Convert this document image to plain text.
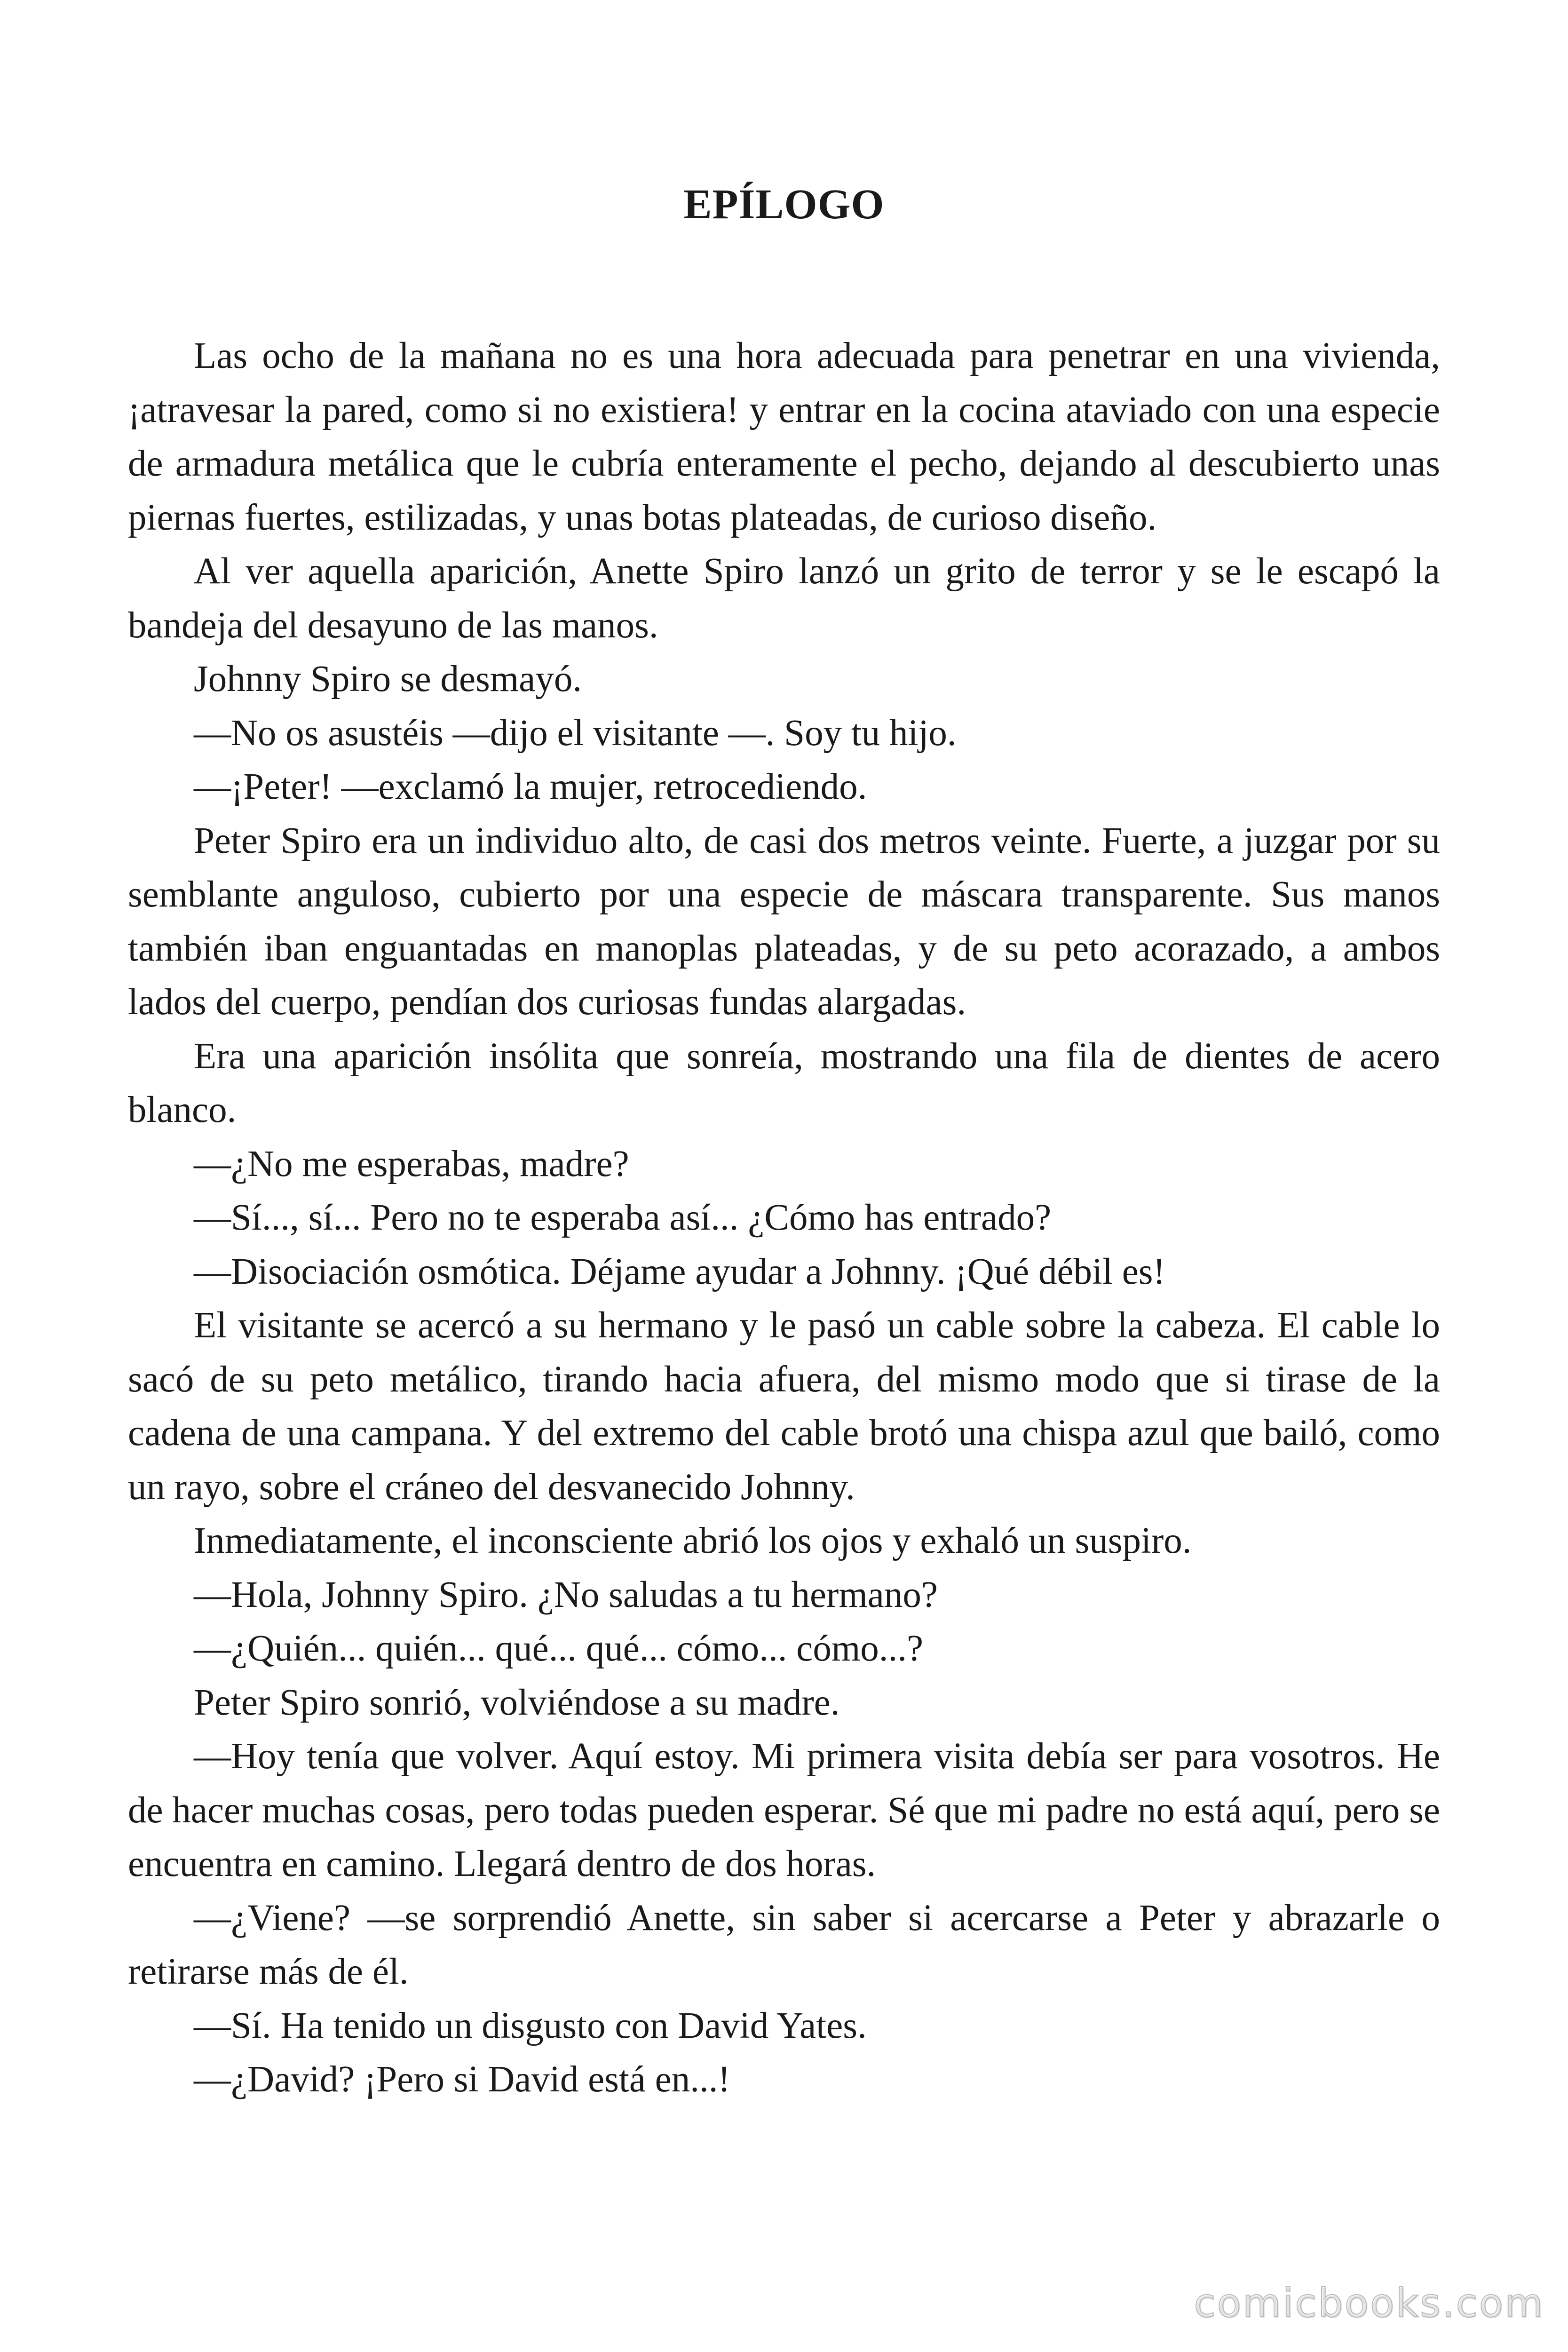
EPÍLOGO

Las ocho de la mañana no es una hora adecuada para penetrar en una vivienda, ¡atravesar la pared, como si no existiera! y entrar en la cocina ataviado con una especie de armadura metálica que le cubría enteramente el pecho, dejando al descubierto unas piernas fuertes, estilizadas, y unas botas plateadas, de curioso diseño.

Al ver aquella aparición, Anette Spiro lanzó un grito de terror y se le escapó la bandeja del desayuno de las manos.

Johnny Spiro se desmayó.

—No os asustéis —dijo el visitante —. Soy tu hijo.

—¡Peter! —exclamó la mujer, retrocediendo.

Peter Spiro era un individuo alto, de casi dos metros veinte. Fuerte, a juzgar por su semblante anguloso, cubierto por una especie de máscara transparente. Sus manos también iban enguantadas en manoplas plateadas, y de su peto acorazado, a ambos lados del cuerpo, pendían dos curiosas fundas alargadas.

Era una aparición insólita que sonreía, mostrando una fila de dientes de acero blanco.

—¿No me esperabas, madre?

—Sí..., sí... Pero no te esperaba así... ¿Cómo has entrado?

—Disociación osmótica. Déjame ayudar a Johnny. ¡Qué débil es!

El visitante se acercó a su hermano y le pasó un cable sobre la cabeza. El cable lo sacó de su peto metálico, tirando hacia afuera, del mismo modo que si tirase de la cadena de una campana. Y del extremo del cable brotó una chispa azul que bailó, como un rayo, sobre el cráneo del desvanecido Johnny.

Inmediatamente, el inconsciente abrió los ojos y exhaló un suspiro.

—Hola, Johnny Spiro. ¿No saludas a tu hermano?

—¿Quién... quién... qué... qué... cómo... cómo...?

Peter Spiro sonrió, volviéndose a su madre.

—Hoy tenía que volver. Aquí estoy. Mi primera visita debía ser para vosotros. He de hacer muchas cosas, pero todas pueden esperar. Sé que mi padre no está aquí, pero se encuentra en camino. Llegará dentro de dos horas.

—¿Viene? —se sorprendió Anette, sin saber si acercarse a Peter y abrazarle o retirarse más de él.

—Sí. Ha tenido un disgusto con David Yates.

—¿David? ¡Pero si David está en...!

comicbooks.com
